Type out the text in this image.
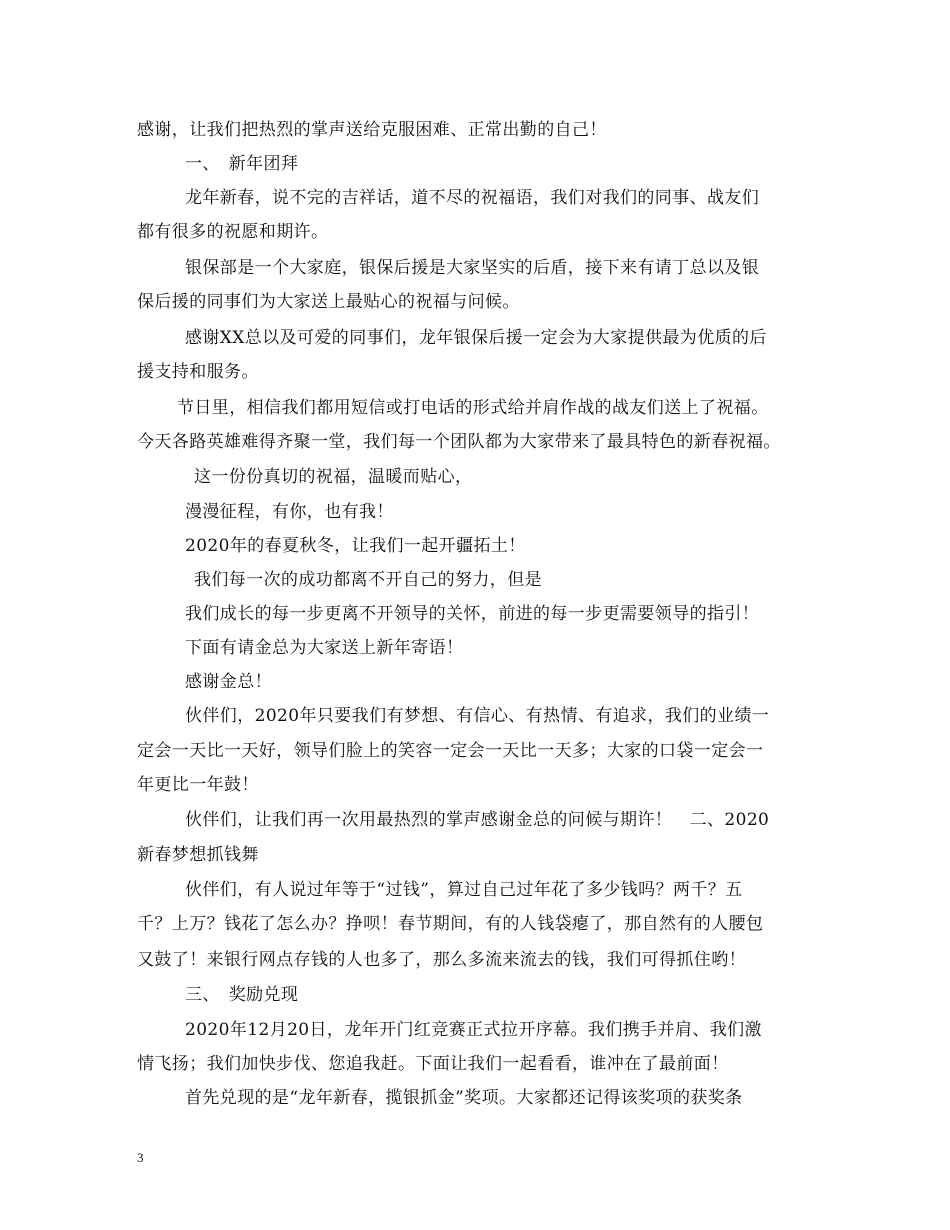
感谢，让我们把热烈的掌声送给克服困难、正常出勤的自己！
一、　新年团拜
龙年新春，说不完的吉祥话，道不尽的祝福语，我们对我们的同事、战友们
都有很多的祝愿和期许。
银保部是一个大家庭，银保后援是大家坚实的后盾，接下来有请丁总以及银
保后援的同事们为大家送上最贴心的祝福与问候。
感谢XX总以及可爱的同事们，龙年银保后援一定会为大家提供最为优质的后
援支持和服务。
节日里，相信我们都用短信或打电话的形式给并肩作战的战友们送上了祝福。
今天各路英雄难得齐聚一堂，我们每一个团队都为大家带来了最具特色的新春祝福。
这一份份真切的祝福，温暖而贴心，
漫漫征程，有你，也有我！
2020年的春夏秋冬，让我们一起开疆拓土！
我们每一次的成功都离不开自己的努力，但是
我们成长的每一步更离不开领导的关怀，前进的每一步更需要领导的指引！
下面有请金总为大家送上新年寄语！
感谢金总！
伙伴们，2020年只要我们有梦想、有信心、有热情、有追求，我们的业绩一
定会一天比一天好，领导们脸上的笑容一定会一天比一天多；大家的口袋一定会一
年更比一年鼓！
伙伴们，让我们再一次用最热烈的掌声感谢金总的问候与期许！　二、2020
新春梦想抓钱舞
伙伴们，有人说过年等于“过钱”，算过自己过年花了多少钱吗？两千？五
千？上万？钱花了怎么办？挣呗！春节期间，有的人钱袋瘪了，那自然有的人腰包
又鼓了！来银行网点存钱的人也多了，那么多流来流去的钱，我们可得抓住哟！
三、　奖励兑现
2020年12月20日，龙年开门红竞赛正式拉开序幕。我们携手并肩、我们激
情飞扬；我们加快步伐、您追我赶。下面让我们一起看看，谁冲在了最前面！
首先兑现的是“龙年新春，揽银抓金”奖项。大家都还记得该奖项的获奖条
3
